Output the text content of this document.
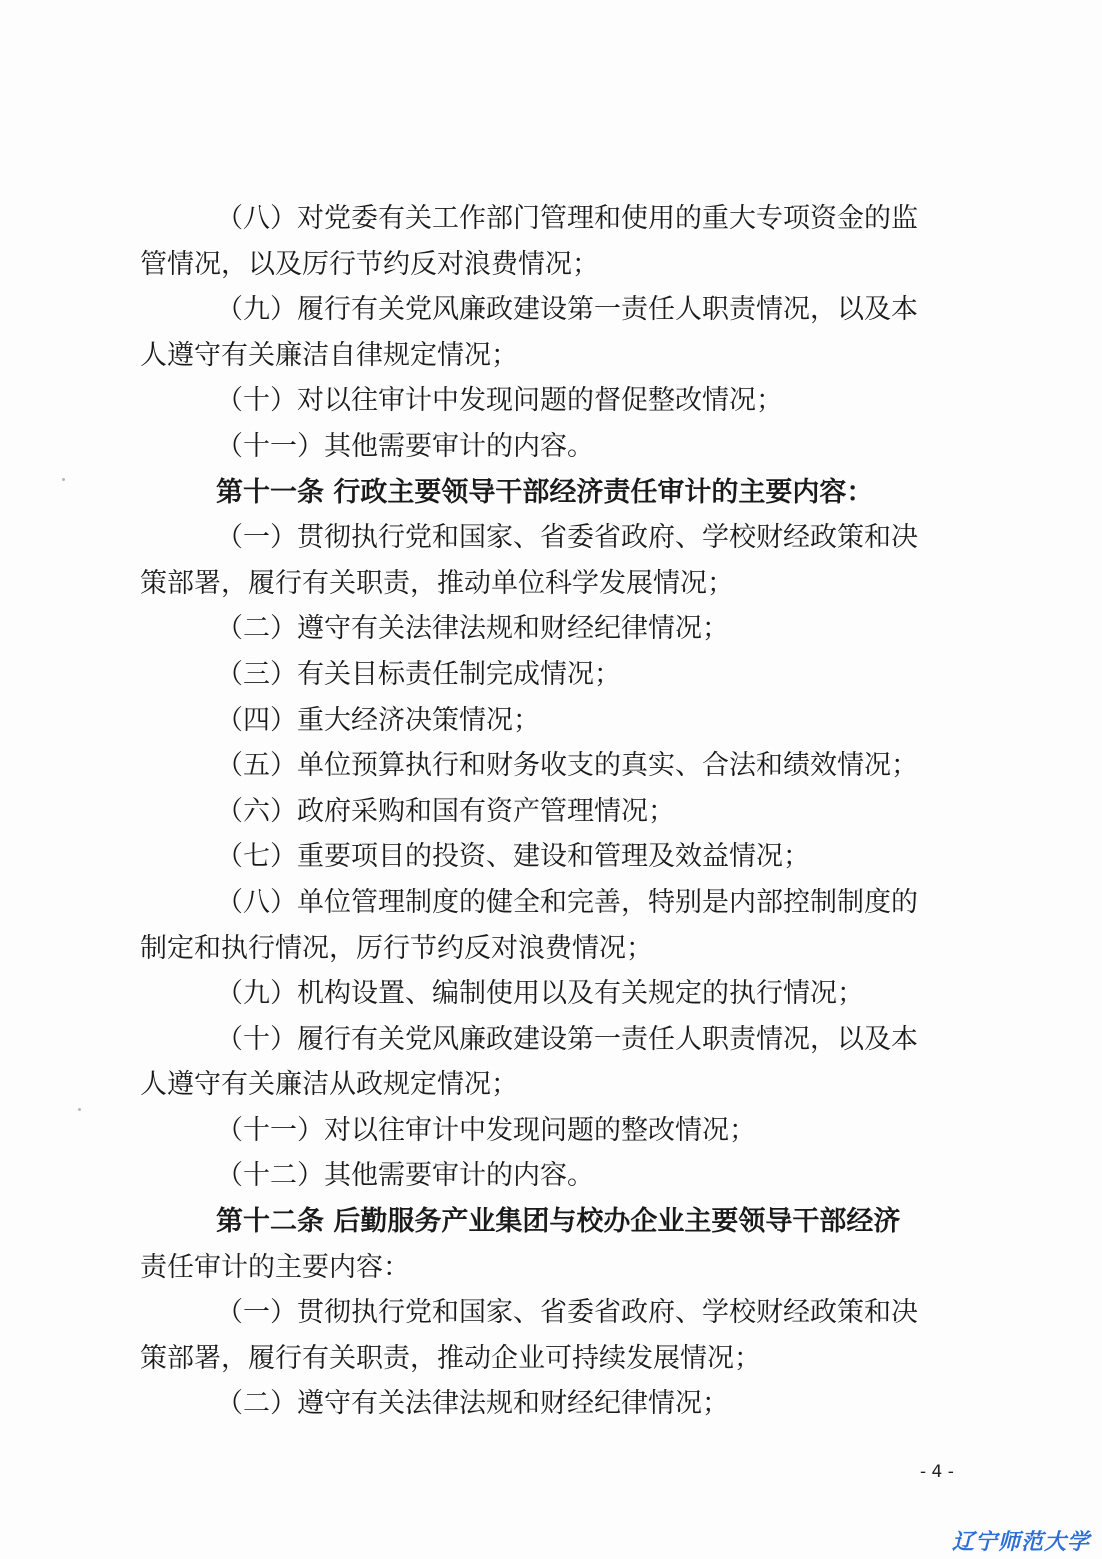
（八）对党委有关工作部门管理和使用的重大专项资金的监
管情况，以及厉行节约反对浪费情况；
（九）履行有关党风廉政建设第一责任人职责情况，以及本
人遵守有关廉洁自律规定情况；
（十）对以往审计中发现问题的督促整改情况；
（十一）其他需要审计的内容。
第十一条 行政主要领导干部经济责任审计的主要内容：
（一）贯彻执行党和国家、省委省政府、学校财经政策和决
策部署，履行有关职责，推动单位科学发展情况；
（二）遵守有关法律法规和财经纪律情况；
（三）有关目标责任制完成情况；
（四）重大经济决策情况；
（五）单位预算执行和财务收支的真实、合法和绩效情况；
（六）政府采购和国有资产管理情况；
（七）重要项目的投资、建设和管理及效益情况；
（八）单位管理制度的健全和完善，特别是内部控制制度的
制定和执行情况，厉行节约反对浪费情况；
（九）机构设置、编制使用以及有关规定的执行情况；
（十）履行有关党风廉政建设第一责任人职责情况，以及本
人遵守有关廉洁从政规定情况；
（十一）对以往审计中发现问题的整改情况；
（十二）其他需要审计的内容。
第十二条 后勤服务产业集团与校办企业主要领导干部经济
责任审计的主要内容：
（一）贯彻执行党和国家、省委省政府、学校财经政策和决
策部署，履行有关职责，推动企业可持续发展情况；
（二）遵守有关法律法规和财经纪律情况；
- 4 -
辽宁师范大学
